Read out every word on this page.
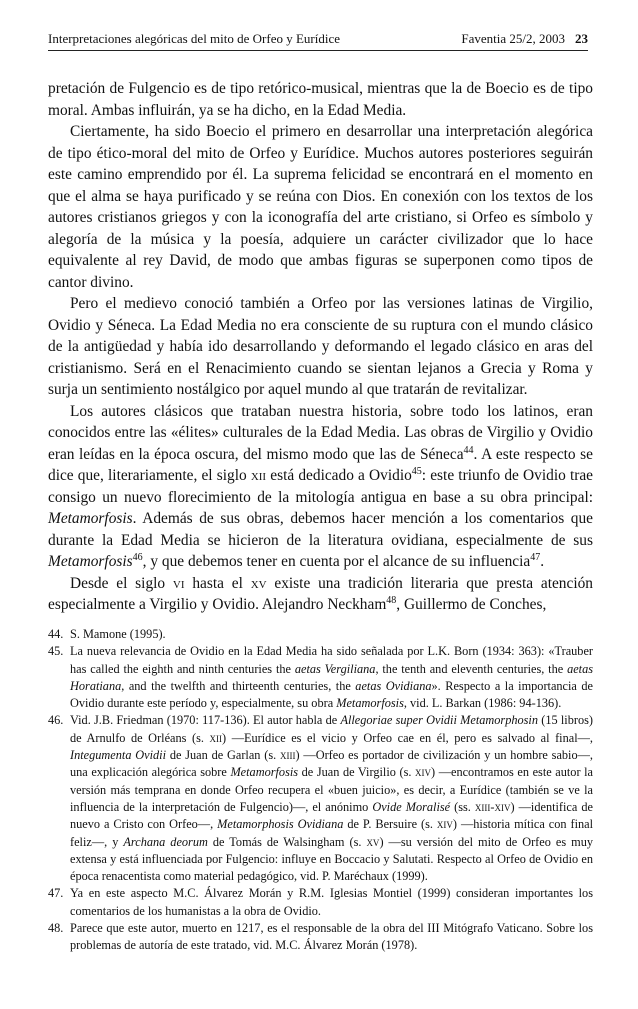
Interpretaciones alegóricas del mito de Orfeo y Eurídice	Faventia 25/2, 2003 23

pretación de Fulgencio es de tipo retórico-musical, mientras que la de Boecio es de tipo moral. Ambas influirán, ya se ha dicho, en la Edad Media.

Ciertamente, ha sido Boecio el primero en desarrollar una interpretación alegórica de tipo ético-moral del mito de Orfeo y Eurídice. Muchos autores posteriores seguirán este camino emprendido por él. La suprema felicidad se encontrará en el momento en que el alma se haya purificado y se reúna con Dios. En conexión con los textos de los autores cristianos griegos y con la iconografía del arte cristiano, si Orfeo es símbolo y alegoría de la música y la poesía, adquiere un carácter civilizador que lo hace equivalente al rey David, de modo que ambas figuras se superponen como tipos de cantor divino.

Pero el medievo conoció también a Orfeo por las versiones latinas de Virgilio, Ovidio y Séneca. La Edad Media no era consciente de su ruptura con el mundo clásico de la antigüedad y había ido desarrollando y deformando el legado clásico en aras del cristianismo. Será en el Renacimiento cuando se sientan lejanos a Grecia y Roma y surja un sentimiento nostálgico por aquel mundo al que tratarán de revitalizar.

Los autores clásicos que trataban nuestra historia, sobre todo los latinos, eran conocidos entre las «élites» culturales de la Edad Media. Las obras de Virgilio y Ovidio eran leídas en la época oscura, del mismo modo que las de Séneca$^{44}$. A este respecto se dice que, literariamente, el siglo xii está dedicado a Ovidio$^{45}$: este triunfo de Ovidio trae consigo un nuevo florecimiento de la mitología antigua en base a su obra principal: Metamorfosis. Además de sus obras, debemos hacer mención a los comentarios que durante la Edad Media se hicieron de la literatura ovidiana, especialmente de sus Metamorfosis$^{46}$, y que debemos tener en cuenta por el alcance de su influencia$^{47}$.

Desde el siglo vi hasta el xv existe una tradición literaria que presta atención especialmente a Virgilio y Ovidio. Alejandro Neckham$^{48}$, Guillermo de Conches,

44. S. Mamone (1995).
45. La nueva relevancia de Ovidio en la Edad Media ha sido señalada por L.K. Born (1934: 363): «Trauber has called the eighth and ninth centuries the aetas Vergiliana, the tenth and eleventh centuries, the aetas Horatiana, and the twelfth and thirteenth centuries, the aetas Ovidiana». Respecto a la importancia de Ovidio durante este período y, especialmente, su obra Metamorfosis, vid. L. Barkan (1986: 94-136).
46. Vid. J.B. Friedman (1970: 117-136). El autor habla de Allegoriae super Ovidii Metamorphosin (15 libros) de Arnulfo de Orléans (s. xii) —Eurídice es el vicio y Orfeo cae en él, pero es salvado al final—, Integumenta Ovidii de Juan de Garlan (s. xiii) —Orfeo es portador de civilización y un hombre sabio—, una explicación alegórica sobre Metamorfosis de Juan de Virgilio (s. xiv) —encontramos en este autor la versión más temprana en donde Orfeo recupera el «buen juicio», es decir, a Eurídice (también se ve la influencia de la interpretación de Fulgencio)—, el anónimo Ovide Moralisé (ss. xiii-xiv) —identifica de nuevo a Cristo con Orfeo—, Metamorphosis Ovidiana de P. Bersuire (s. xiv) —historia mítica con final feliz—, y Archana deorum de Tomás de Walsingham (s. xv) —su versión del mito de Orfeo es muy extensa y está influenciada por Fulgencio: influye en Boccacio y Salutati. Respecto al Orfeo de Ovidio en época renacentista como material pedagógico, vid. P. Maréchaux (1999).
47. Ya en este aspecto M.C. Álvarez Morán y R.M. Iglesias Montiel (1999) consideran importantes los comentarios de los humanistas a la obra de Ovidio.
48. Parece que este autor, muerto en 1217, es el responsable de la obra del III Mitógrafo Vaticano. Sobre los problemas de autoría de este tratado, vid. M.C. Álvarez Morán (1978).
